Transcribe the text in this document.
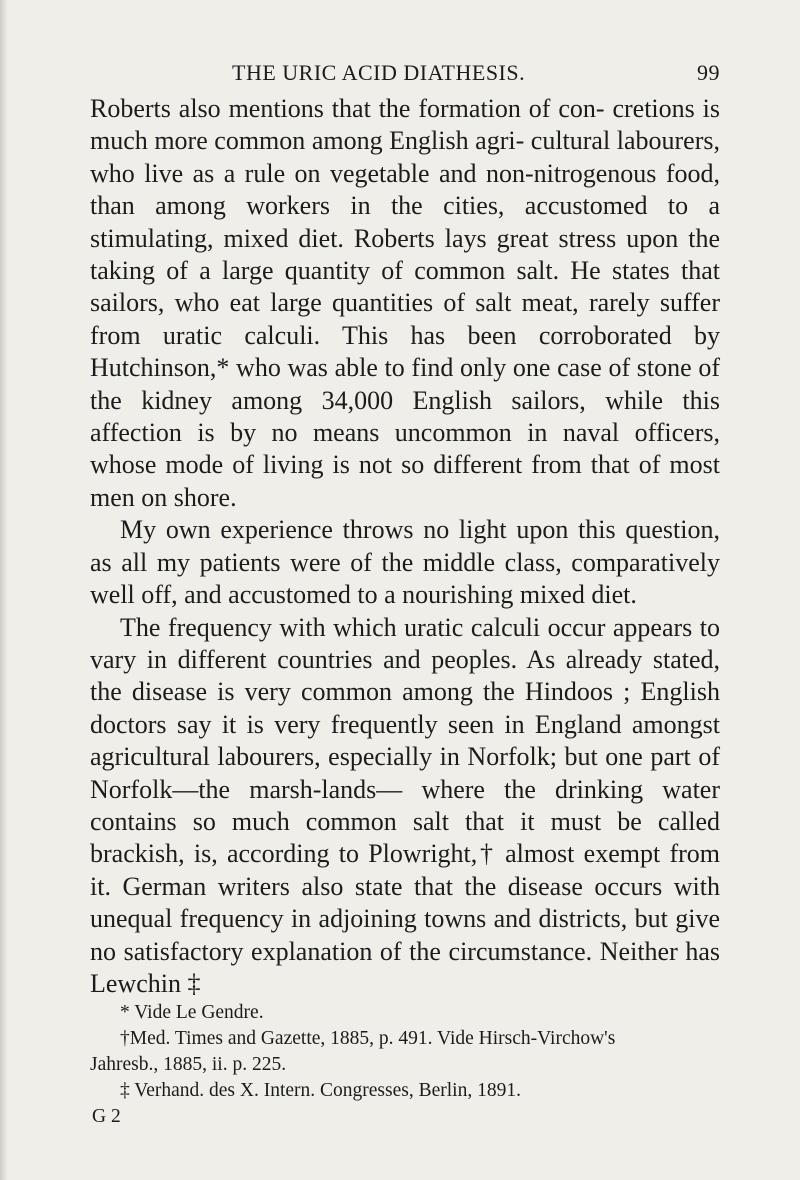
THE URIC ACID DIATHESIS.	99

Roberts also mentions that the formation of con- cretions is much more common among English agri- cultural labourers, who live as a rule on vegetable and non-nitrogenous food, than among workers in the cities, accustomed to a stimulating, mixed diet. Roberts lays great stress upon the taking of a large quantity of common salt. He states that sailors, who eat large quantities of salt meat, rarely suffer from uratic calculi. This has been corroborated by Hutchinson,* who was able to find only one case of stone of the kidney among 34,000 English sailors, while this affection is by no means uncommon in naval officers, whose mode of living is not so different from that of most men on shore.

My own experience throws no light upon this question, as all my patients were of the middle class, comparatively well off, and accustomed to a nourishing mixed diet.

The frequency with which uratic calculi occur appears to vary in different countries and peoples. As already stated, the disease is very common among the Hindoos ; English doctors say it is very frequently seen in England amongst agricultural labourers, especially in Norfolk; but one part of Norfolk—the marsh-lands— where the drinking water contains so much common salt that it must be called brackish, is, according to Plowright,† almost exempt from it. German writers also state that the disease occurs with unequal frequency in adjoining towns and districts, but give no satisfactory explanation of the circumstance. Neither has Lewchin ‡

* Vide Le Gendre.
†Med. Times and Gazette, 1885, p. 491. Vide Hirsch-Virchow's
Jahresb., 1885, ii. p. 225.
‡ Verhand. des X. Intern. Congresses, Berlin, 1891.
G 2
